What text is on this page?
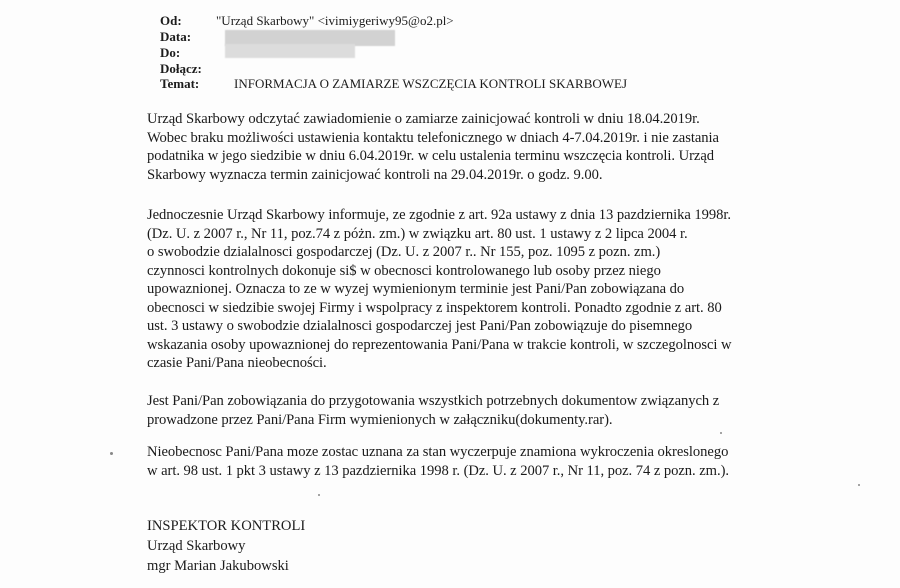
Od:	"Urząd Skarbowy" <ivimiygeriwy95@o2.pl>
Data:
Do:
Dołącz:
Temat:	INFORMACJA O ZAMIARZE WSZCZĘCIA KONTROLI SKARBOWEJ
Urząd Skarbowy odczytać zawiadomienie o zamiarze zainicjować kontroli w dniu 18.04.2019r.
Wobec braku możliwości ustawienia kontaktu telefonicznego w dniach 4-7.04.2019r. i nie zastania
podatnika w jego siedzibie w dniu 6.04.2019r. w celu ustalenia terminu wszczęcia kontroli. Urząd
Skarbowy wyznacza termin zainicjować kontroli na 29.04.2019r. o godz. 9.00.
Jednoczesnie Urząd Skarbowy informuje, ze zgodnie z art. 92a ustawy z dnia 13 pazdziernika 1998r.
(Dz. U. z 2007 r., Nr 11, poz.74 z póżn. zm.) w związku art. 80 ust. 1 ustawy z 2 lipca 2004 r.
o swobodzie dzialalnosci gospodarczej (Dz. U. z 2007 r.. Nr 155, poz. 1095 z pozn. zm.)
czynnosci kontrolnych dokonuje si$ w obecnosci kontrolowanego lub osoby przez niego
upowaznionej. Oznacza to ze w wyzej wymienionym terminie jest Pani/Pan zobowiązana do
obecnosci w siedzibie swojej Firmy i wspolpracy z inspektorem kontroli. Ponadto zgodnie z art. 80
ust. 3 ustawy o swobodzie dzialalnosci gospodarczej jest Pani/Pan zobowiązuje do pisemnego
wskazania osoby upowaznionej do reprezentowania Pani/Pana w trakcie kontroli, w szczegolnosci w
czasie Pani/Pana nieobecności.
Jest Pani/Pan zobowiązania do przygotowania wszystkich potrzebnych dokumentow związanych z
prowadzone przez Pani/Pana Firm wymienionych w załączniku(dokumenty.rar).
Nieobecnosc Pani/Pana moze zostac uznana za stan wyczerpuje znamiona wykroczenia okreslonego
w art. 98 ust. 1 pkt 3 ustawy z 13 pazdziernika 1998 r. (Dz. U. z 2007 r., Nr 11, poz. 74 z pozn. zm.).
INSPEKTOR KONTROLI
Urząd Skarbowy
mgr Marian Jakubowski
